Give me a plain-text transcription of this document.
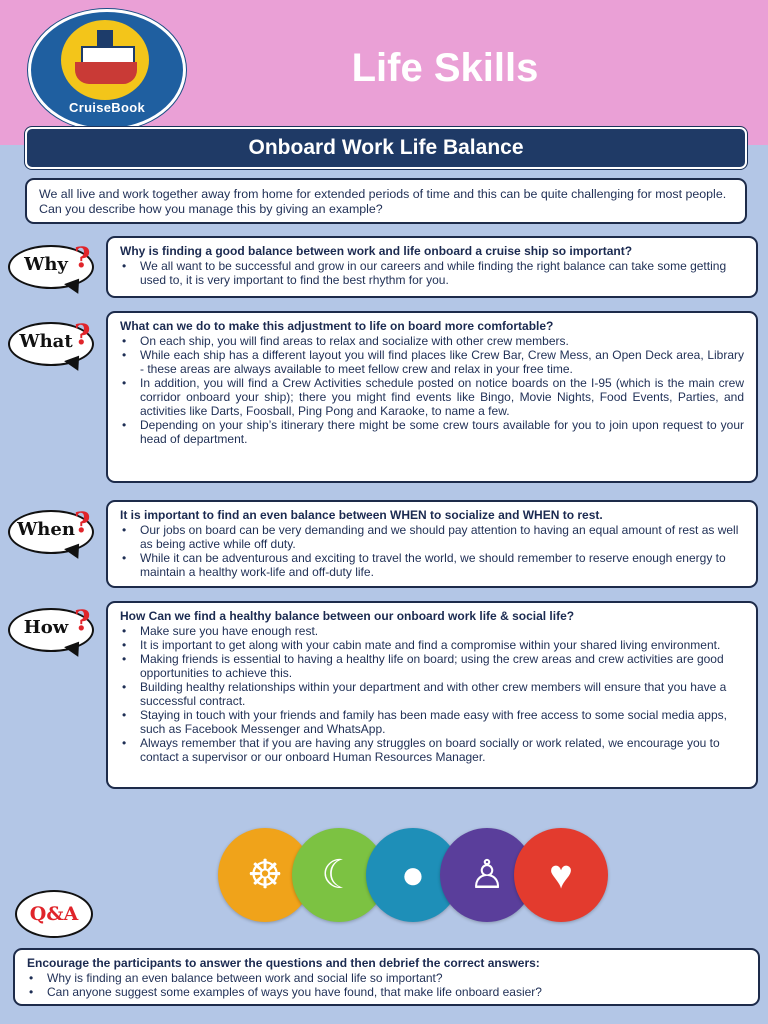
CruiseBook
Life Skills
Onboard Work Life Balance
We all live and work together away from home for extended periods of time and this can be quite challenging for most people. Can you describe how you manage this by giving an example?
Why ? Why is finding a good balance between work and life onboard a cruise ship so important?
• We all want to be successful and grow in our careers and while finding the right balance can take some getting used to, it is very important to find the best rhythm for you.
What ? What can we do to make this adjustment to life on board more comfortable?
• On each ship, you will find areas to relax and socialize with other crew members.
• While each ship has a different layout you will find places like Crew Bar, Crew Mess, an Open Deck area, Library - these areas are always available to meet fellow crew and relax in your free time.
• In addition, you will find a Crew Activities schedule posted on notice boards on the I-95 (which is the main crew corridor onboard your ship); there you might find events like Bingo, Movie Nights, Food Events, Parties, and activities like Darts, Foosball, Ping Pong and Karaoke, to name a few.
• Depending on your ship’s itinerary there might be some crew tours available for you to join upon request to your head of department.
When ? It is important to find an even balance between WHEN to socialize and WHEN to rest.
• Our jobs on board can be very demanding and we should pay attention to having an equal amount of rest as well as being active while off duty.
• While it can be adventurous and exciting to travel the world, we should remember to reserve enough energy to maintain a healthy work-life and off-duty life.
How ? How Can we find a healthy balance between our onboard work life & social life?
• Make sure you have enough rest.
• It is important to get along with your cabin mate and find a compromise within your shared living environment.
• Making friends is essential to having a healthy life on board; using the crew areas and crew activities are good opportunities to achieve this.
• Building healthy relationships within your department and with other crew members will ensure that you have a successful contract.
• Staying in touch with your friends and family has been made easy with free access to some social media apps, such as Facebook Messenger and WhatsApp.
• Always remember that if you are having any struggles on board socially or work related, we encourage you to contact a supervisor or our onboard Human Resources Manager.
☸ ☾ ● ♙ ♥
Q&A
Encourage the participants to answer the questions and then debrief the correct answers:
• Why is finding an even balance between work and social life so important?
• Can anyone suggest some examples of ways you have found, that make life onboard easier?
